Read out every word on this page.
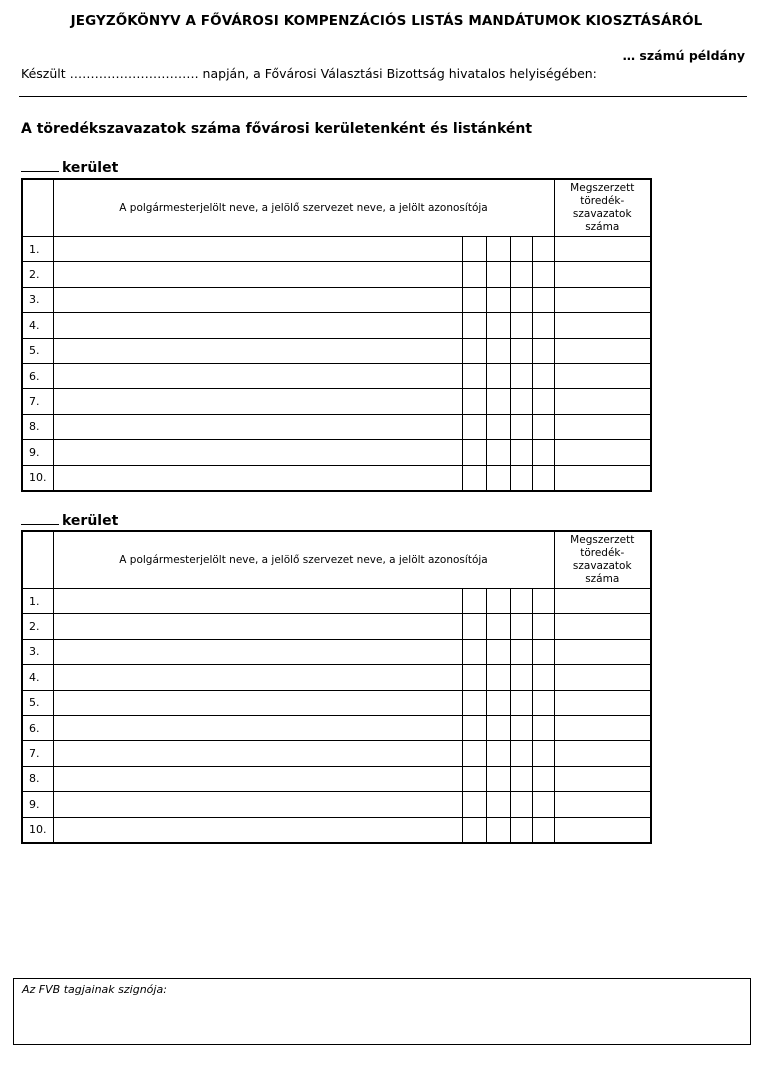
JEGYZŐKÖNYV A FŐVÁROSI KOMPENZÁCIÓS LISTÁS MANDÁTUMOK KIOSZTÁSÁRÓL
… számú példány
Készült …………………………. napján, a Fővárosi Választási Bizottság hivatalos helyiségében:
A töredékszavazatok száma fővárosi kerületenként és listánként
kerület
	A polgármesterjelölt neve, a jelölő szervezet neve, a jelölt azonosítója					Megszerzett töredék-szavazatok száma
1.						
2.						
3.						
4.						
5.						
6.						
7.						
8.						
9.						
10.						
kerület
	A polgármesterjelölt neve, a jelölő szervezet neve, a jelölt azonosítója					Megszerzett töredék-szavazatok száma
1.						
2.						
3.						
4.						
5.						
6.						
7.						
8.						
9.						
10.						
Az FVB tagjainak szignója:
